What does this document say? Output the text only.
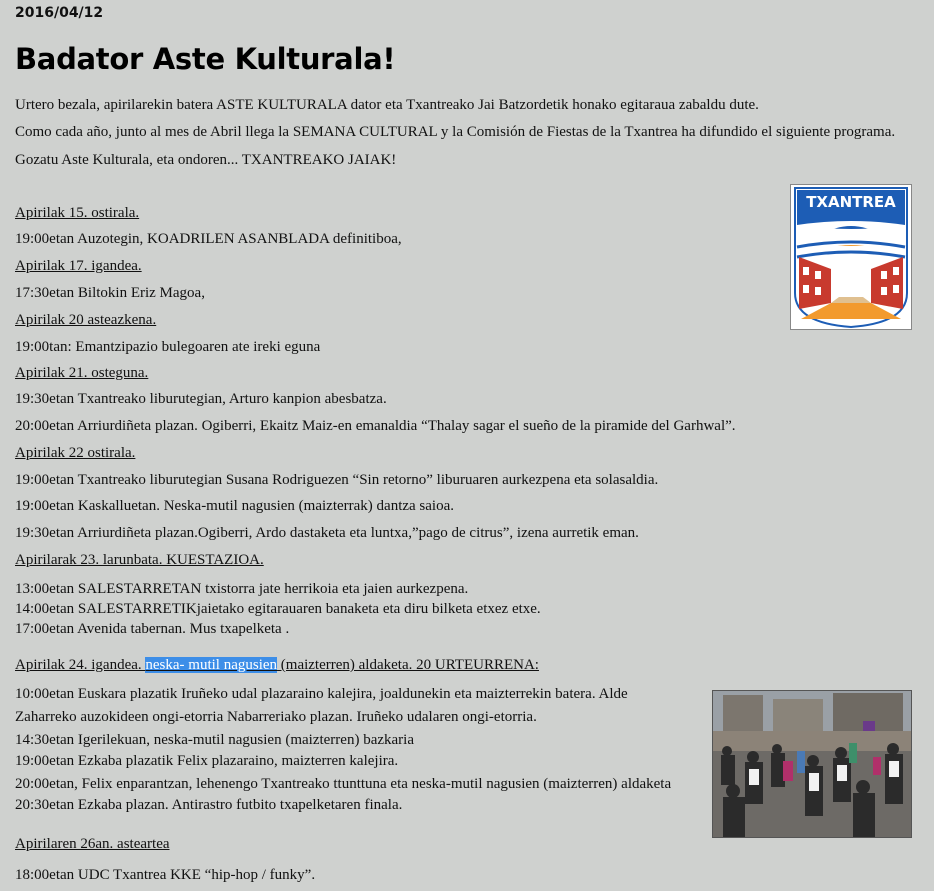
2016/04/12
Badator Aste Kulturala!
Urtero bezala, apirilarekin batera ASTE KULTURALA dator eta Txantreako Jai Batzordetik honako egitaraua zabaldu dute.
Como cada año, junto al mes de Abril llega la SEMANA CULTURAL y la Comisión de Fiestas de la Txantrea ha difundido el siguiente programa.
Gozatu Aste Kulturala, eta ondoren... TXANTREAKO JAIAK!
Apirilak 15. ostirala.
19:00etan Auzotegin, KOADRILEN ASANBLADA definitiboa,
Apirilak 17. igandea.
17:30etan Biltokin Eriz Magoa,
Apirilak 20 asteazkena.
19:00tan: Emantzipazio bulegoaren ate ireki eguna
Apirilak 21. osteguna.
19:30etan Txantreako liburutegian, Arturo kanpion abesbatza.
20:00etan Arriurdiñeta plazan. Ogiberri, Ekaitz Maiz-en emanaldia “Thalay sagar el sueño de la piramide del Garhwal”.
Apirilak 22 ostirala.
19:00etan Txantreako liburutegian Susana Rodriguezen “Sin retorno” liburuaren aurkezpena eta solasaldia.
19:00etan Kaskalluetan. Neska-mutil nagusien (maizterrak) dantza saioa.
19:30etan Arriurdiñeta plazan.Ogiberri, Ardo dastaketa eta luntxa,”pago de citrus”, izena aurretik eman.
Apirilarak 23. larunbata. KUESTAZIOA.
13:00etan SALESTARRETAN txistorra jate herrikoia eta jaien aurkezpena.
14:00etan SALESTARRETIKjaietako egitarauaren banaketa eta diru bilketa etxez etxe.
17:00etan Avenida tabernan. Mus txapelketa .
Apirilak 24. igandea. neska- mutil nagusien (maizterren) aldaketa. 20 URTEURRENA:
10:00etan Euskara plazatik Iruñeko udal plazaraino kalejira, joaldunekin eta maizterrekin batera. Alde
Zaharreko auzokideen ongi-etorria Nabarreriako plazan. Iruñeko udalaren ongi-etorria.
14:30etan Igerilekuan, neska-mutil nagusien (maizterren) bazkaria
19:00etan Ezkaba plazatik Felix plazaraino, maizterren kalejira.
20:00etan, Felix enparantzan, lehenengo Txantreako ttunttuna eta neska-mutil nagusien (maizterren) aldaketa
20:30etan Ezkaba plazan. Antirastro futbito txapelketaren finala.
Apirilaren 26an. asteartea
18:00etan UDC Txantrea KKE “hip-hop / funky”.
TXANTREA
